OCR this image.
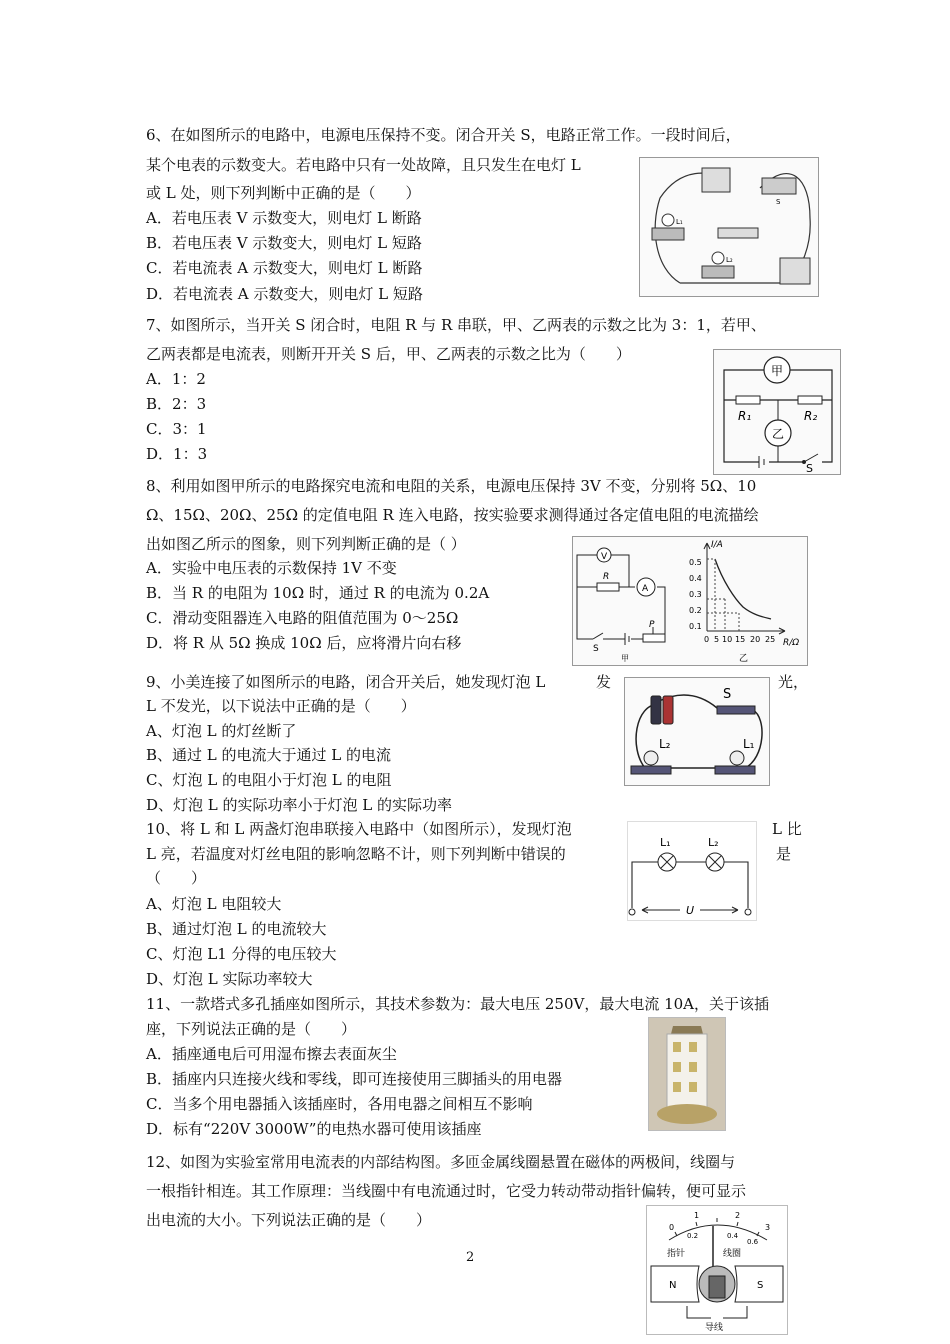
6、在如图所示的电路中，电源电压保持不变。闭合开关 S，电路正常工作。一段时间后，
某个电表的示数变大。若电路中只有一处故障，且只发生在电灯 L
或 L 处，则下列判断中正确的是（　　）
A．若电压表 V 示数变大，则电灯 L 断路
B．若电压表 V 示数变大，则电灯 L 短路
C．若电流表 A 示数变大，则电灯 L 断路
D．若电流表 A 示数变大，则电灯 L 短路
L₁
L₂
S
7、如图所示，当开关 S 闭合时，电阻 R 与 R 串联，甲、乙两表的示数之比为 3：1，若甲、
乙两表都是电流表，则断开开关 S 后，甲、乙两表的示数之比为（　　）
A．1：2
B．2：3
C．3：1
D．1：3
甲
乙
R₁	R₂
S
8、利用如图甲所示的电路探究电流和电阻的关系，电源电压保持 3V 不变，分别将 5Ω、10
Ω、15Ω、20Ω、25Ω 的定值电阻 R 连入电路，按实验要求测得通过各定值电阻的电流描绘
出如图乙所示的图象，则下列判断正确的是（ ）
A．实验中电压表的示数保持 1V 不变
B．当 R 的电阻为 10Ω 时，通过 R 的电流为 0.2A
C．滑动变阻器连入电路的阻值范围为 0～25Ω
D．将 R 从 5Ω 换成 10Ω 后，应将滑片向右移
V
A
R
S
P
甲
I/A
R/Ω
0.5
0.4
0.3
0.2
0.1
0 5 10 15 20 25
乙
9、小美连接了如图所示的电路，闭合开关后，她发现灯泡 L	发	光，
L 不发光，以下说法中正确的是（　　）
A、灯泡 L 的灯丝断了
B、通过 L 的电流大于通过 L 的电流
C、灯泡 L 的电阻小于灯泡 L 的电阻
D、灯泡 L 的实际功率小于灯泡 L 的实际功率
S
L₂	L₁
10、将 L 和 L 两盏灯泡串联接入电路中（如图所示），发现灯泡	L 比
L 亮，若温度对灯丝电阻的影响忽略不计，则下列判断中错误的	是
（　　）
A、灯泡 L 电阻较大
B、通过灯泡 L 的电流较大
C、灯泡 L1 分得的电压较大
D、灯泡 L 实际功率较大
L₁	L₂
U
11、一款塔式多孔插座如图所示，其技术参数为：最大电压 250V，最大电流 10A，关于该插
座，下列说法正确的是（　　）
A．插座通电后可用湿布擦去表面灰尘
B．插座内只连接火线和零线，即可连接使用三脚插头的用电器
C．当多个用电器插入该插座时，各用电器之间相互不影响
D．标有“220V 3000W”的电热水器可使用该插座
12、如图为实验室常用电流表的内部结构图。多匝金属线圈悬置在磁体的两极间，线圈与
一根指针相连。其工作原理：当线圈中有电流通过时，它受力转动带动指针偏转，便可显示
出电流的大小。下列说法正确的是（　　）	0
1	2
3
0.2	0.4
0.6
指针	线圈
N	S
导线
2
